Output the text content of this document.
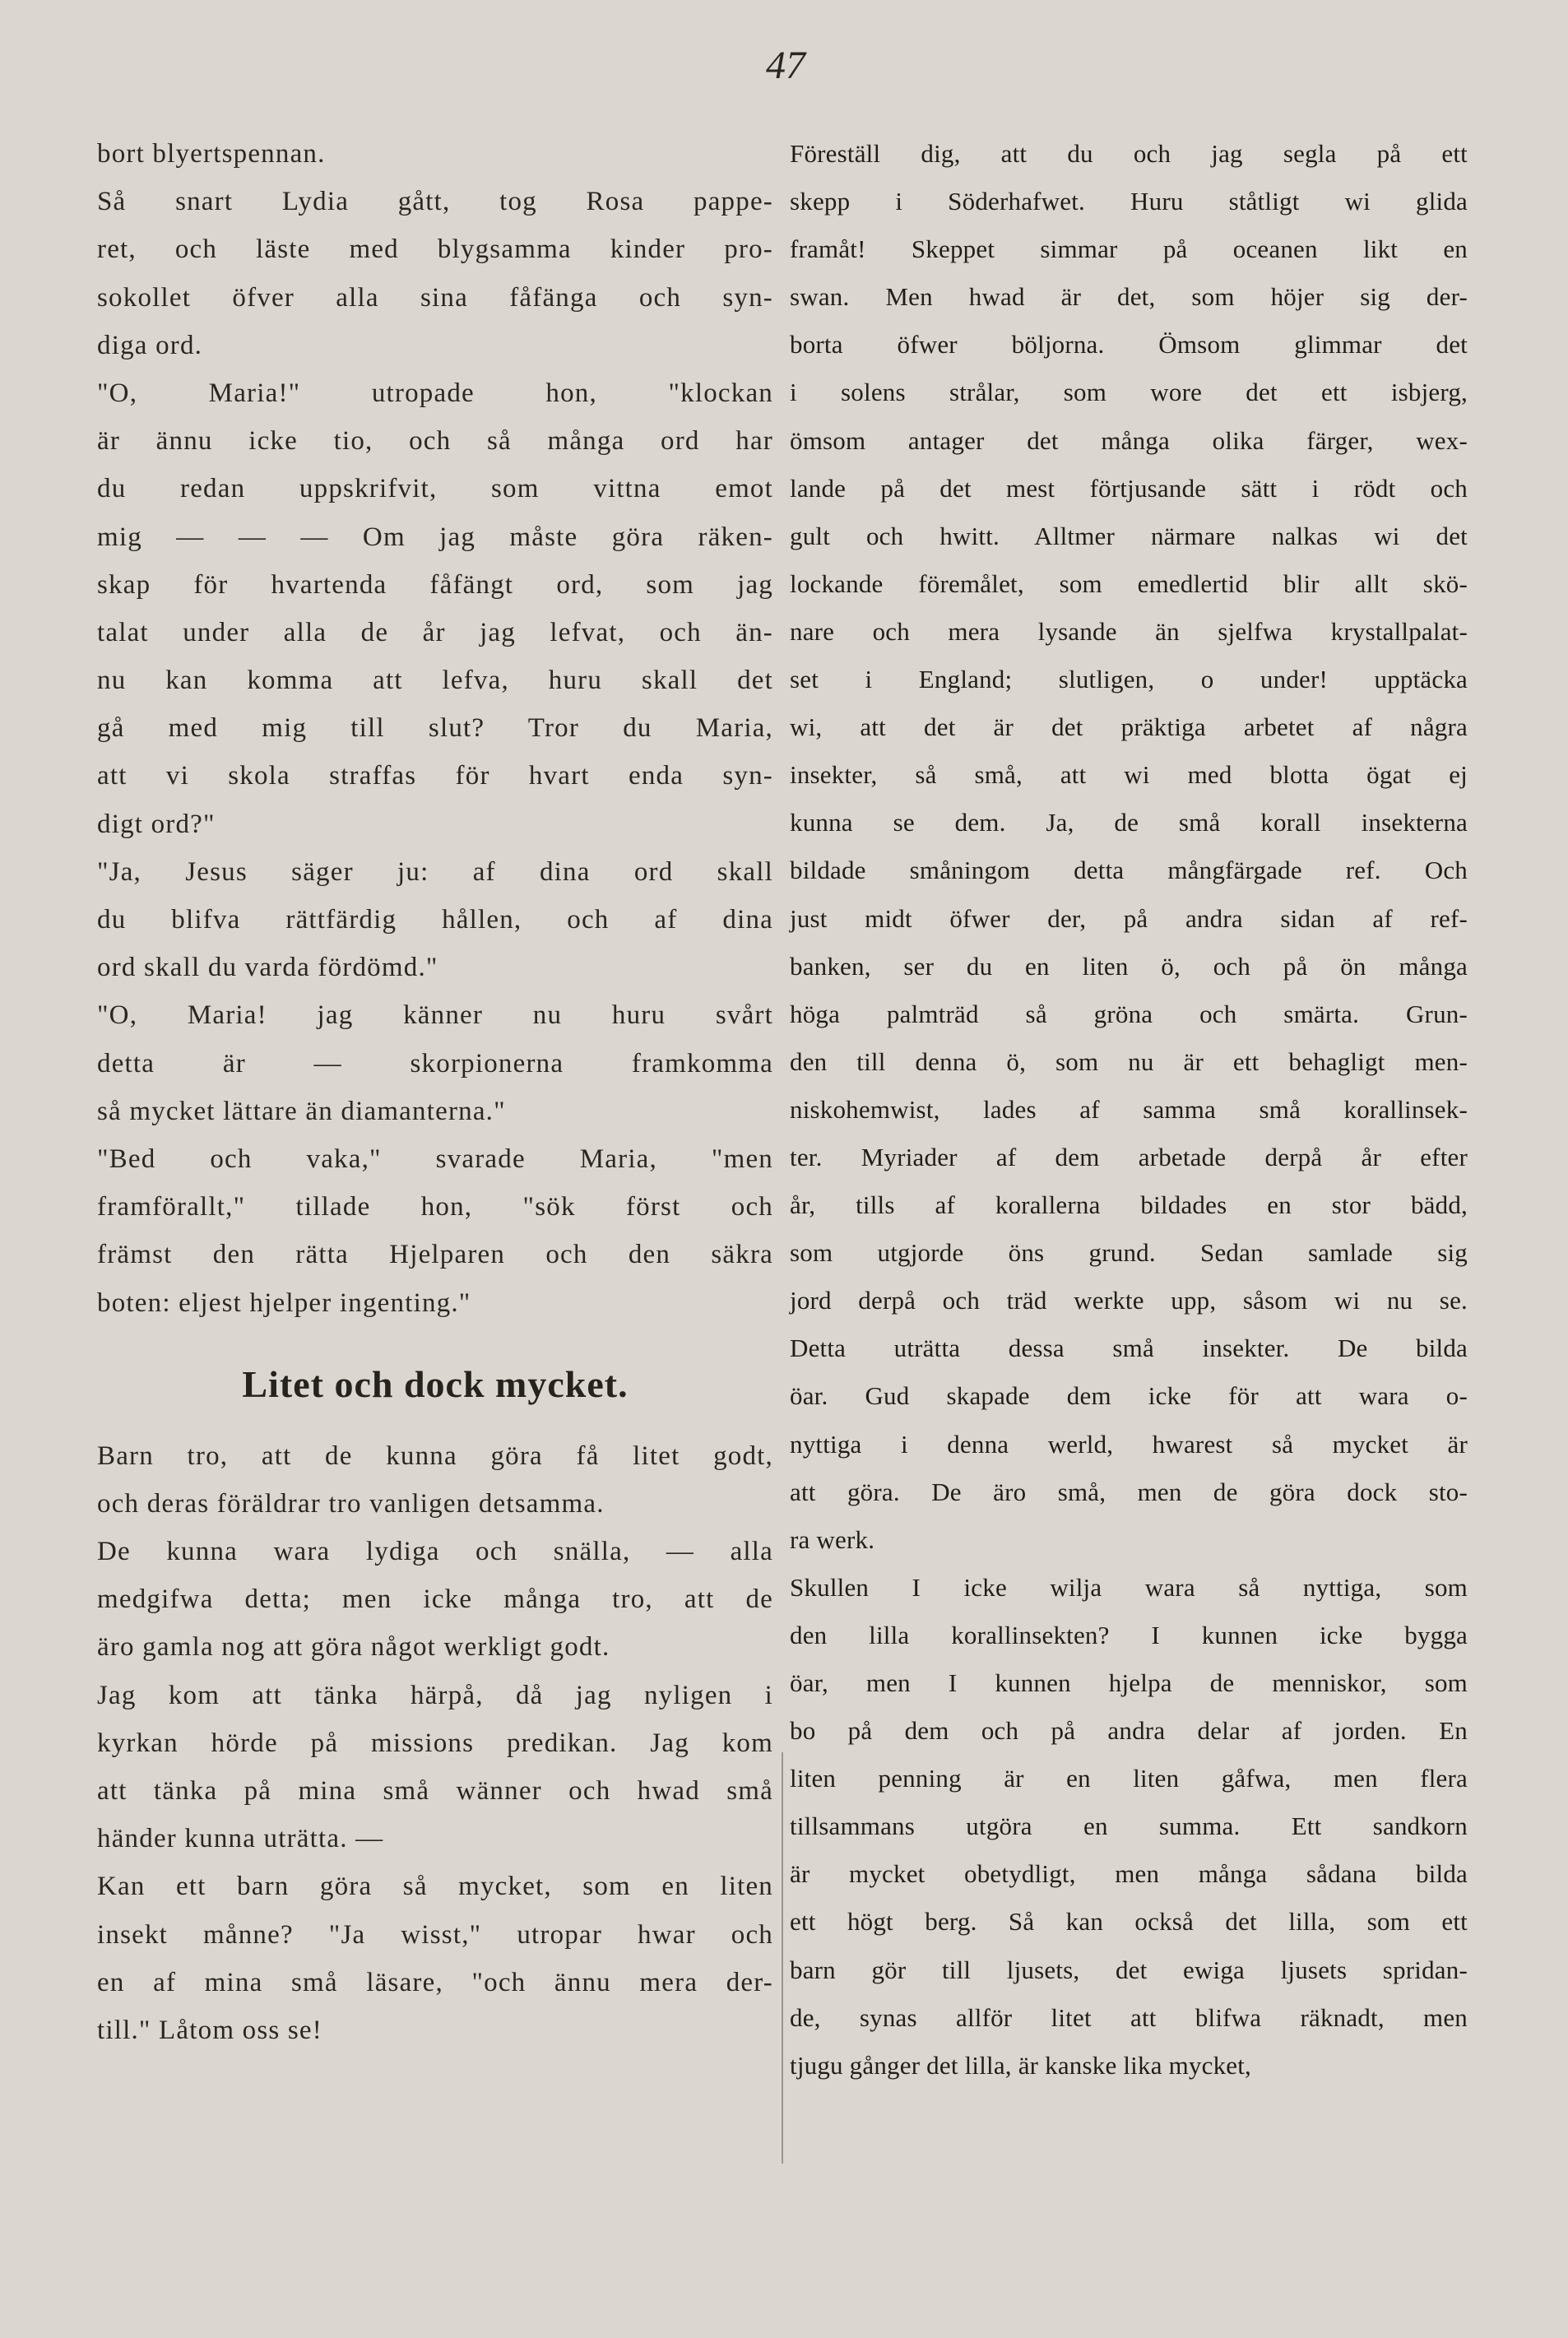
47
bort blyertspennan.
Så snart Lydia gått, tog Rosa pappe-
ret, och läste med blygsamma kinder pro-
sokollet öfver alla sina fåfänga och syn-
diga ord.
"O, Maria!" utropade hon, "klockan
är ännu icke tio, och så många ord har
du redan uppskrifvit, som vittna emot
mig — — — Om jag måste göra räken-
skap för hvartenda fåfängt ord, som jag
talat under alla de år jag lefvat, och än-
nu kan komma att lefva, huru skall det
gå med mig till slut? Tror du Maria,
att vi skola straffas för hvart enda syn-
digt ord?"
"Ja, Jesus säger ju: af dina ord skall
du blifva rättfärdig hållen, och af dina
ord skall du varda fördömd."
"O, Maria! jag känner nu huru svårt
detta är — skorpionerna framkomma
så mycket lättare än diamanterna."
"Bed och vaka," svarade Maria, "men
framförallt," tillade hon, "sök först och
främst den rätta Hjelparen och den säkra
boten: eljest hjelper ingenting."
Litet och dock mycket.
Barn tro, att de kunna göra få litet godt,
och deras föräldrar tro vanligen detsamma.
De kunna wara lydiga och snälla, — alla
medgifwa detta; men icke många tro, att de
äro gamla nog att göra något werkligt godt.
Jag kom att tänka härpå, då jag nyligen i
kyrkan hörde på missions predikan. Jag kom
att tänka på mina små wänner och hwad små
händer kunna uträtta. —
Kan ett barn göra så mycket, som en liten
insekt månne? "Ja wisst," utropar hwar och
en af mina små läsare, "och ännu mera der-
till." Låtom oss se!
Föreställ dig, att du och jag segla på ett
skepp i Söderhafwet. Huru ståtligt wi glida
framåt! Skeppet simmar på oceanen likt en
swan. Men hwad är det, som höjer sig der-
borta öfwer böljorna. Ömsom glimmar det
i solens strålar, som wore det ett isbjerg,
ömsom antager det många olika färger, wex-
lande på det mest förtjusande sätt i rödt och
gult och hwitt. Alltmer närmare nalkas wi det
lockande föremålet, som emedlertid blir allt skö-
nare och mera lysande än sjelfwa krystallpalat-
set i England; slutligen, o under! upptäcka
wi, att det är det präktiga arbetet af några
insekter, så små, att wi med blotta ögat ej
kunna se dem. Ja, de små korall insekterna
bildade småningom detta mångfärgade ref. Och
just midt öfwer der, på andra sidan af ref-
banken, ser du en liten ö, och på ön många
höga palmträd så gröna och smärta. Grun-
den till denna ö, som nu är ett behagligt men-
niskohemwist, lades af samma små korallinsek-
ter. Myriader af dem arbetade derpå år efter
år, tills af korallerna bildades en stor bädd,
som utgjorde öns grund. Sedan samlade sig
jord derpå och träd werkte upp, såsom wi nu se.
Detta uträtta dessa små insekter. De bilda
öar. Gud skapade dem icke för att wara o-
nyttiga i denna werld, hwarest så mycket är
att göra. De äro små, men de göra dock sto-
ra werk.
Skullen I icke wilja wara så nyttiga, som
den lilla korallinsekten? I kunnen icke bygga
öar, men I kunnen hjelpa de menniskor, som
bo på dem och på andra delar af jorden. En
liten penning är en liten gåfwa, men flera
tillsammans utgöra en summa. Ett sandkorn
är mycket obetydligt, men många sådana bilda
ett högt berg. Så kan också det lilla, som ett
barn gör till ljusets, det ewiga ljusets spridan-
de, synas allför litet att blifwa räknadt, men
tjugu gånger det lilla, är kanske lika mycket,
